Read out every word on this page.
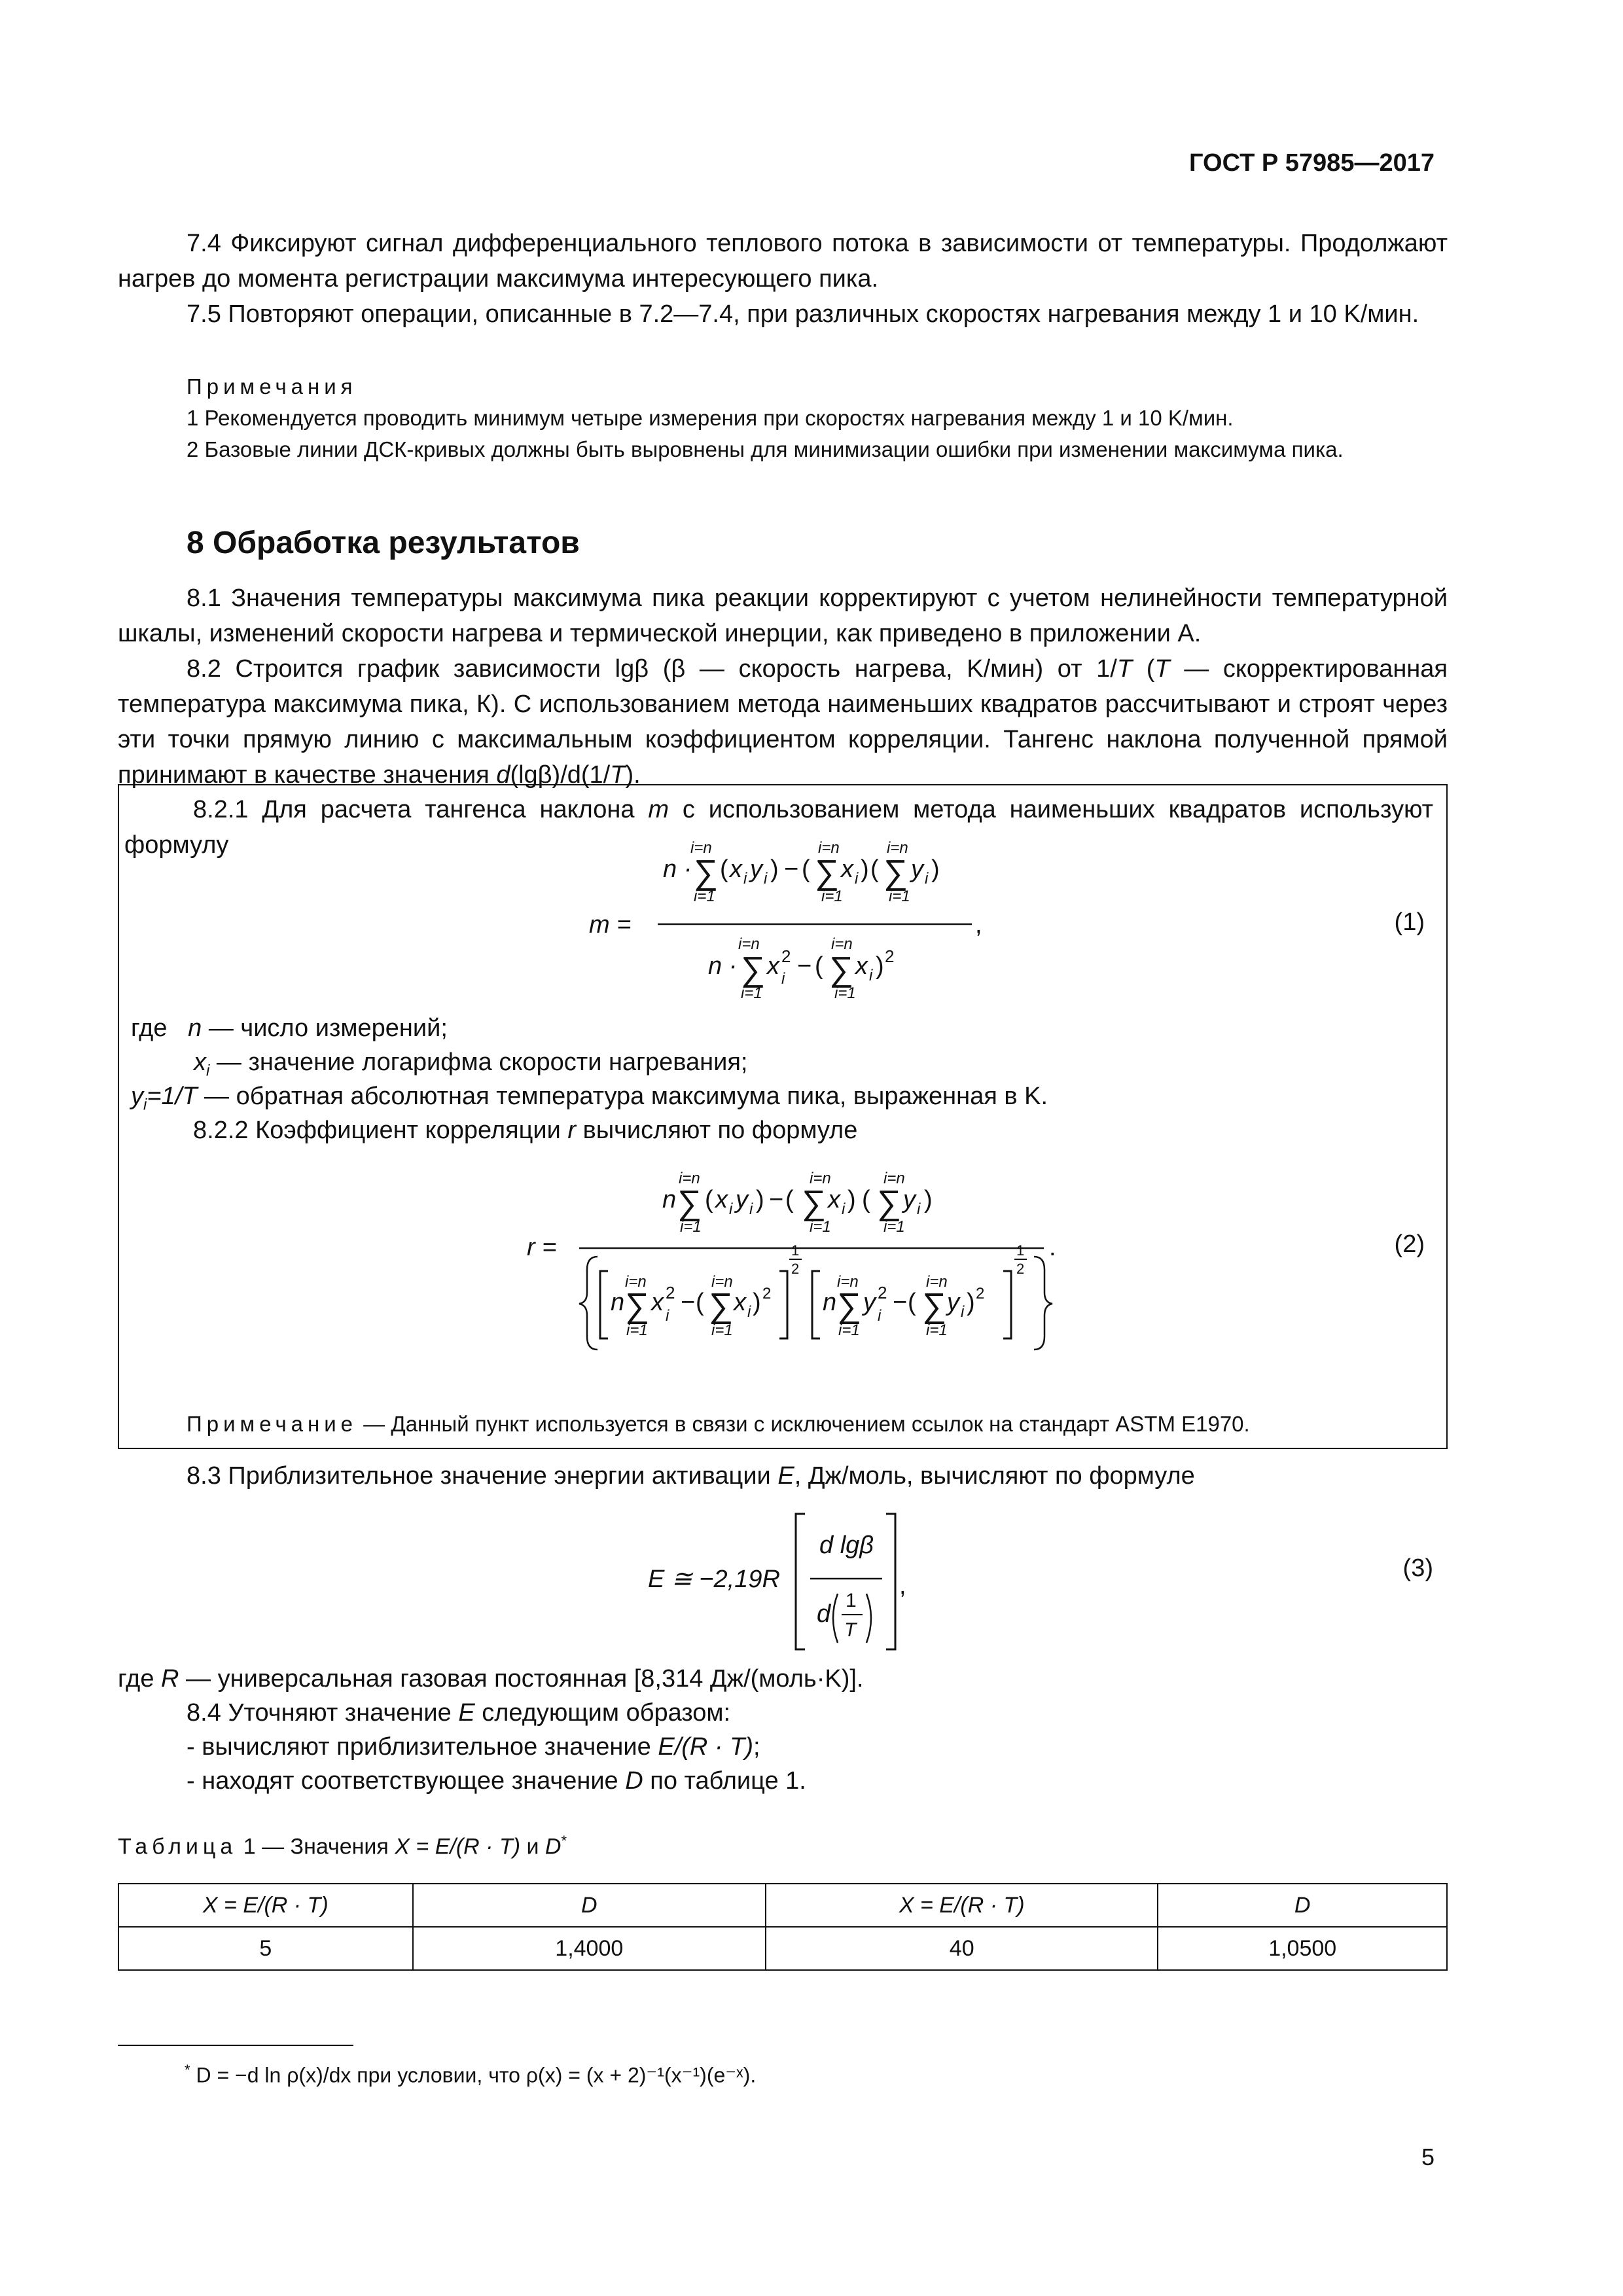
ГОСТ Р 57985—2017
7.4 Фиксируют сигнал дифференциального теплового потока в зависимости от температуры. Продолжают нагрев до момента регистрации максимума интересующего пика.
7.5 Повторяют операции, описанные в 7.2—7.4, при различных скоростях нагревания между 1 и 10 K/мин.
Примечания
1 Рекомендуется проводить минимум четыре измерения при скоростях нагревания между 1 и 10 K/мин.
2 Базовые линии ДСК-кривых должны быть выровнены для минимизации ошибки при изменении максимума пика.
8 Обработка результатов
8.1 Значения температуры максимума пика реакции корректируют с учетом нелинейности температурной шкалы, изменений скорости нагрева и термической инерции, как приведено в приложении А.
8.2 Строится график зависимости lgβ (β — скорость нагрева, K/мин) от 1/T (T — скорректированная температура максимума пика, К). С использованием метода наименьших квадратов рассчитывают и строят через эти точки прямую линию с максимальным коэффициентом корреляции. Тангенс наклона полученной прямой принимают в качестве значения d(lgβ)/d(1/T).
8.2.1 Для расчета тангенса наклона m с использованием метода наименьших квадратов используют формулу
m =
n ·
i=n
∑
i=1
( x i y i ) − (
i=n
∑
i=1
x i ) (
i=n
∑
i=1
y i )
,
n ·
i=n
∑
i=1
x 2
i − (
i=n
∑
i=1
x i ) 2
(1)
где n — число измерений;
$x_i$ — значение логарифма скорости нагревания;
$y_i=1/T$ — обратная абсолютная температура максимума пика, выраженная в K.
8.2.2 Коэффициент корреляции r вычисляют по формуле
r =
n
i=n
∑
i=1
( x i y i ) − (
i=n
∑
i=1
x i ) (
i=n
∑
i=1
y i )
.
n
i=n
∑
i=1
x 2
i − (
i=n
∑
i=1
x i ) 2
1
2
n
i=n
∑
i=1
y 2
i − (
i=n
∑
i=1
y i ) 2
1
2
(2)
Примечание — Данный пункт используется в связи с исключением ссылок на стандарт ASTM E1970.
8.3 Приблизительное значение энергии активации E, Дж/моль, вычисляют по формуле
E ≅ −2,19R
d lgβ
d 1
T
,
(3)
где R — универсальная газовая постоянная [8,314 Дж/(моль·K)].
8.4 Уточняют значение E следующим образом:
- вычисляют приблизительное значение E/(R · T);
- находят соответствующее значение D по таблице 1.
Таблица 1 — Значения X = E/(R · T) и D*
X = E/(R · T)	D	X = E/(R · T)	D
5	1,4000	40	1,0500
* D = −d ln ρ(x)/dx при условии, что ρ(x) = (x + 2)⁻¹(x⁻¹)(e⁻ˣ).
5
